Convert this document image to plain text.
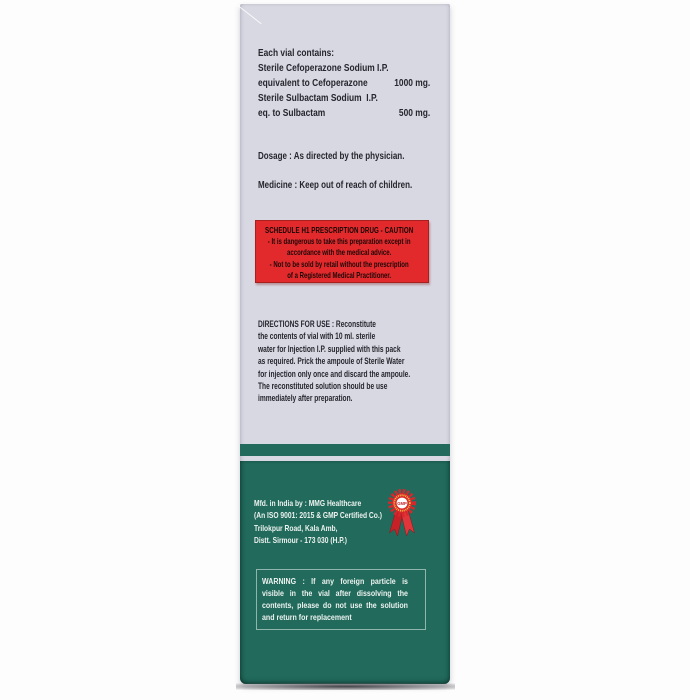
Each vial contains:
Sterile Cefoperazone Sodium I.P.
equivalent to Cefoperazone	1000 mg.
Sterile Sulbactam Sodium  I.P.
eq. to Sulbactam	500 mg.
Dosage : As directed by the physician.
Medicine : Keep out of reach of children.
SCHEDULE H1 PRESCRIPTION DRUG - CAUTION
- It is dangerous to take this preparation except in
accordance with the medical advice.
- Not to be sold by retail without the prescription
of a Registered Medical Practitioner.
DIRECTIONS FOR USE : Reconstitute
the contents of vial with 10 ml. sterile
water for Injection I.P. supplied with this pack
as required. Prick the ampoule of Sterile Water
for injection only once and discard the ampoule.
The reconstituted solution should be use
immediately after preparation.
Mfd. in India by : MMG Healthcare
(An ISO 9001: 2015 & GMP Certified Co.)
Trilokpur Road, Kala Amb,
Distt. Sirmour - 173 030 (H.P.)
GMP
WARNING : If any foreign particle is
visible in the vial after dissolving the
contents, please do not use the solution
and return for replacement
